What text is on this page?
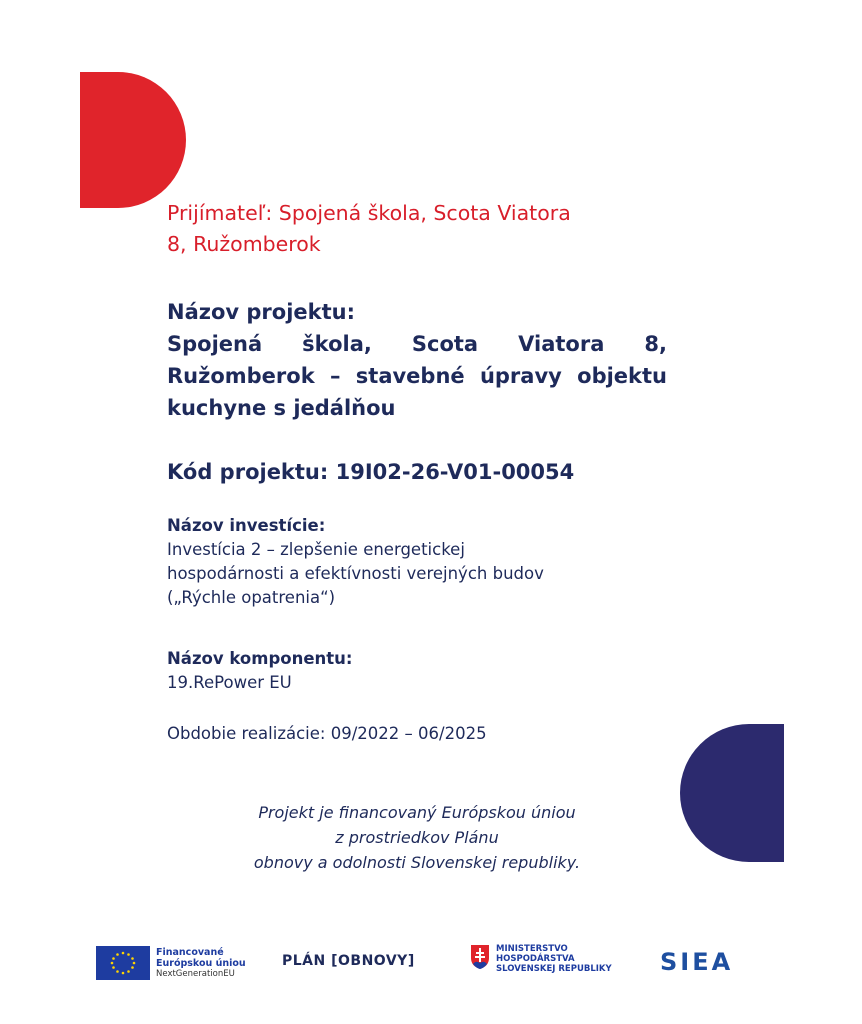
Prijímateľ: Spojená škola, Scota Viatora
8, Ružomberok
Názov projektu:
Spojená škola, Scota Viatora 8, Ružomberok – stavebné úpravy objektu kuchyne s jedálňou
Kód projektu: 19I02-26-V01-00054
Názov investície:
Investícia 2 – zlepšenie energetickej
hospodárnosti a efektívnosti verejných budov
(„Rýchle opatrenia“)
Názov komponentu:
19.RePower EU
Obdobie realizácie: 09/2022 – 06/2025
Projekt je financovaný Európskou úniou
z prostriedkov Plánu
obnovy a odolnosti Slovenskej republiky.
Financované
Európskou úniou
NextGenerationEU
PLÁN [OBNOVY]
MINISTERSTVO
HOSPODÁRSTVA
SLOVENSKEJ REPUBLIKY SIEA
